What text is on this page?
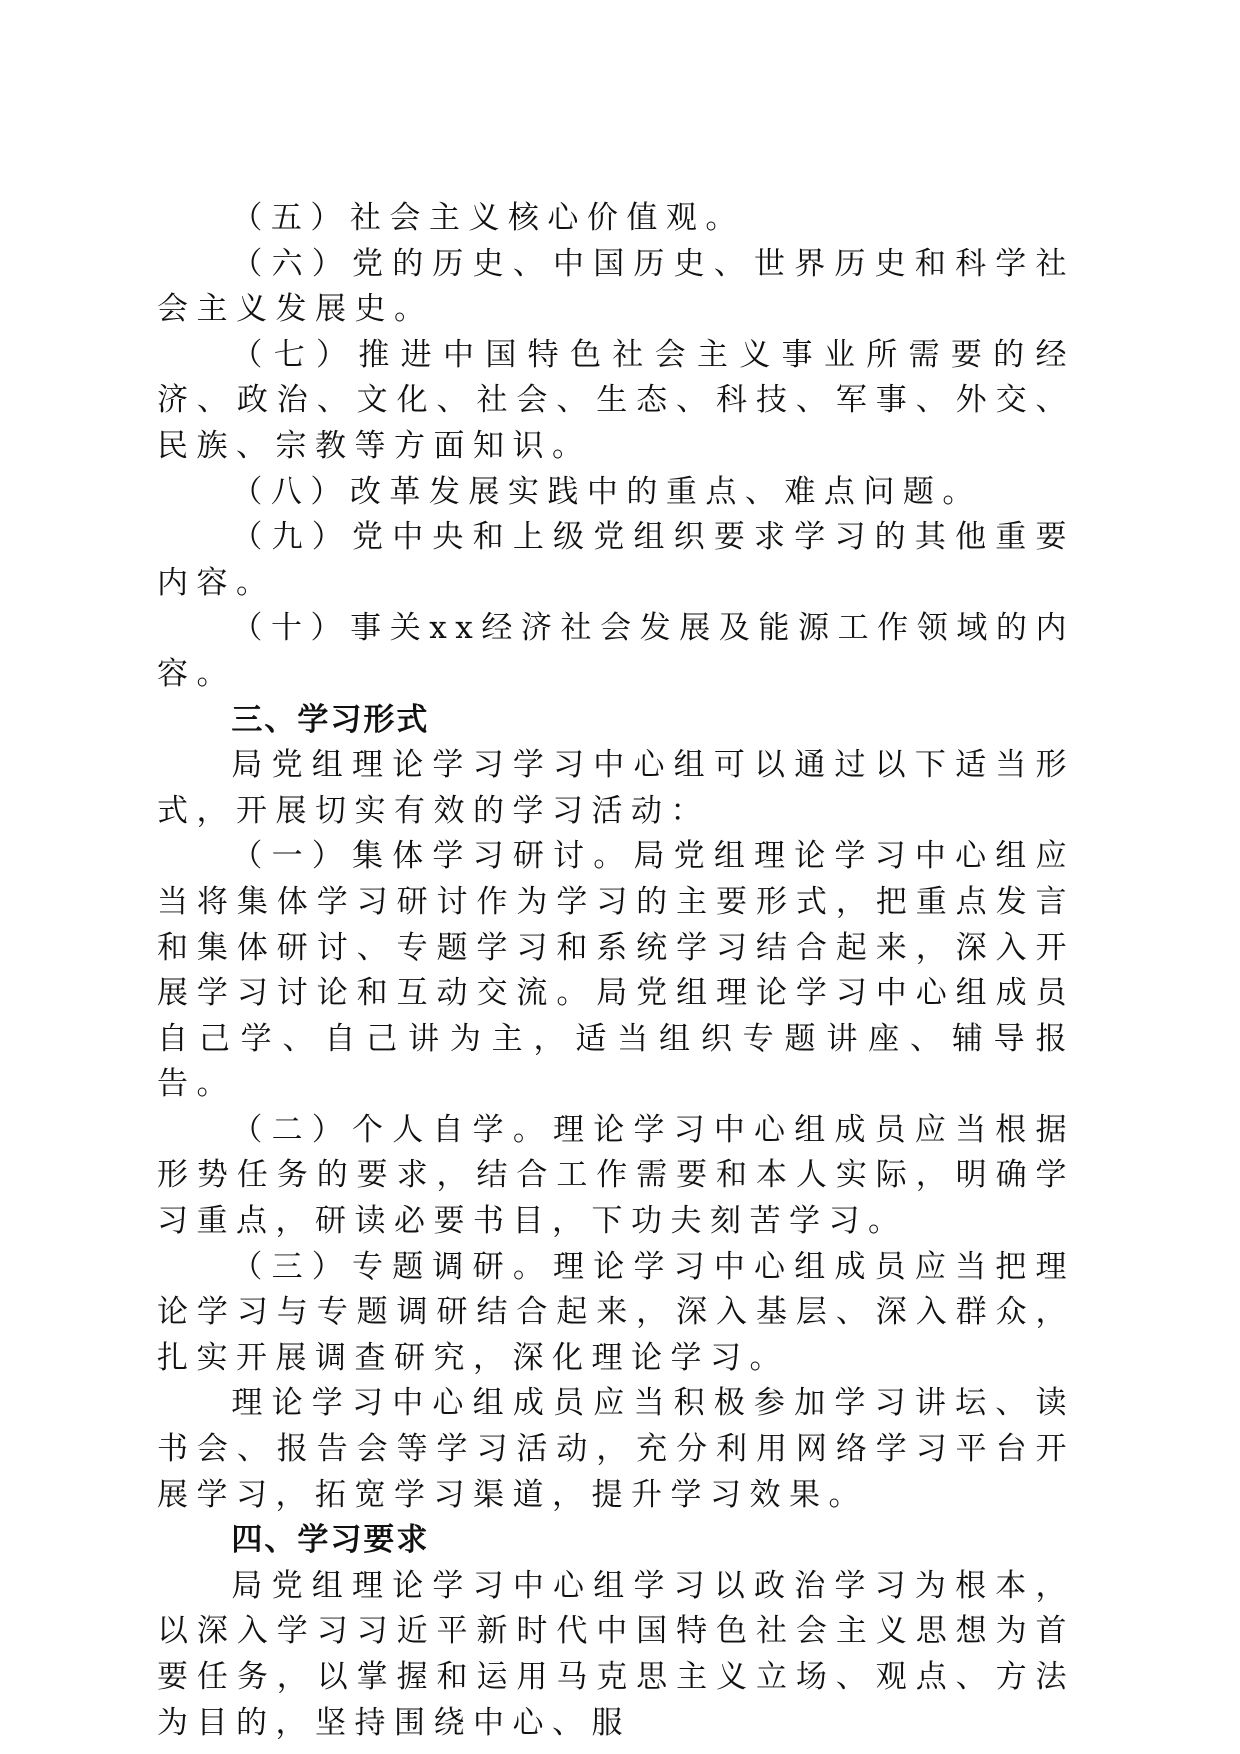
（五）社会主义核心价值观。

（六）党的历史、中国历史、世界历史和科学社会主义发展史。

（七）推进中国特色社会主义事业所需要的经济、政治、文化、社会、生态、科技、军事、外交、民族、宗教等方面知识。

（八）改革发展实践中的重点、难点问题。

（九）党中央和上级党组织要求学习的其他重要内容。

（十）事关xx经济社会发展及能源工作领域的内容。

三、学习形式

局党组理论学习学习中心组可以通过以下适当形式，开展切实有效的学习活动：

（一）集体学习研讨。局党组理论学习中心组应当将集体学习研讨作为学习的主要形式，把重点发言和集体研讨、专题学习和系统学习结合起来，深入开展学习讨论和互动交流。局党组理论学习中心组成员自己学、自己讲为主，适当组织专题讲座、辅导报告。

（二）个人自学。理论学习中心组成员应当根据形势任务的要求，结合工作需要和本人实际，明确学习重点，研读必要书目，下功夫刻苦学习。

（三）专题调研。理论学习中心组成员应当把理论学习与专题调研结合起来，深入基层、深入群众，扎实开展调查研究，深化理论学习。

理论学习中心组成员应当积极参加学习讲坛、读书会、报告会等学习活动，充分利用网络学习平台开展学习，拓宽学习渠道，提升学习效果。

四、学习要求

局党组理论学习中心组学习以政治学习为根本，以深入学习习近平新时代中国特色社会主义思想为首要任务，以掌握和运用马克思主义立场、观点、方法为目的，坚持围绕中心、服
